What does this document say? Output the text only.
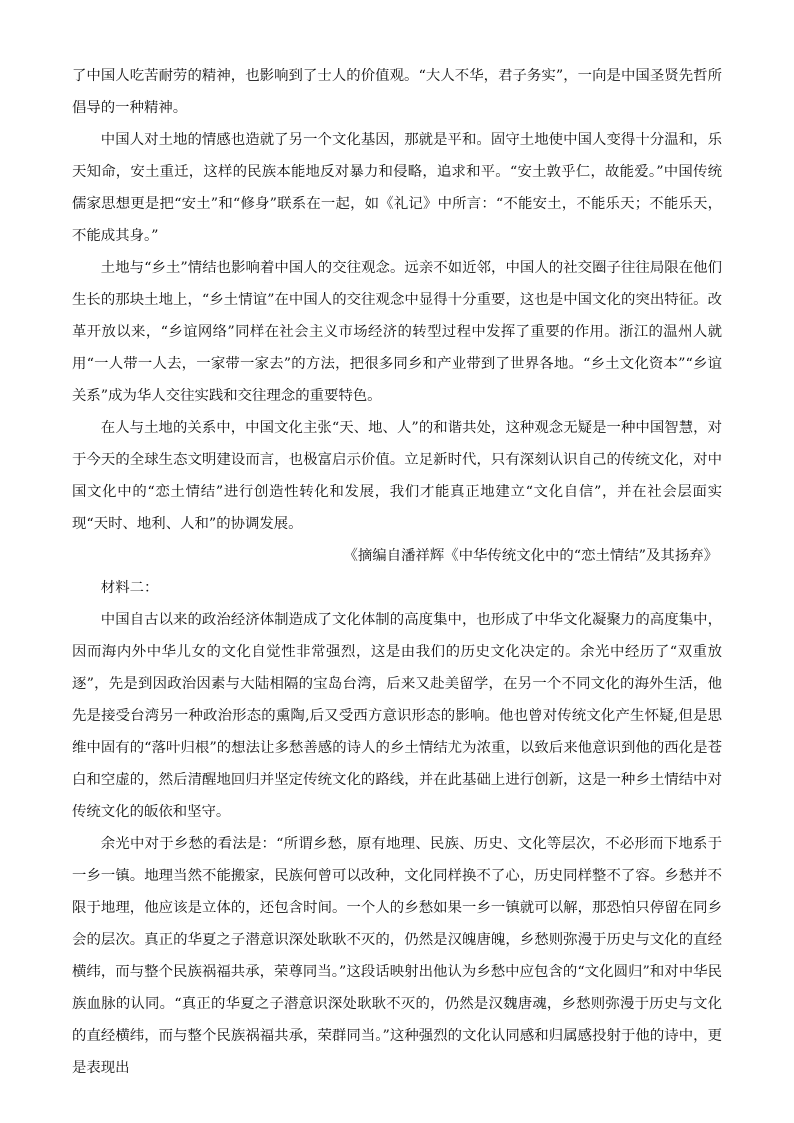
了中国人吃苦耐劳的精神，也影响到了士人的价值观。“大人不华，君子务实”，一向是中国圣贤先哲所倡导的一种精神。

中国人对土地的情感也造就了另一个文化基因，那就是平和。固守土地使中国人变得十分温和，乐天知命，安土重迁，这样的民族本能地反对暴力和侵略，追求和平。“安土敦乎仁，故能爱。”中国传统儒家思想更是把“安土”和“修身”联系在一起，如《礼记》中所言：“不能安土，不能乐天；不能乐天，不能成其身。”

土地与“乡土”情结也影响着中国人的交往观念。远亲不如近邻，中国人的社交圈子往往局限在他们生长的那块土地上，“乡土情谊”在中国人的交往观念中显得十分重要，这也是中国文化的突出特征。改革开放以来，“乡谊网络”同样在社会主义市场经济的转型过程中发挥了重要的作用。浙江的温州人就用“一人带一人去，一家带一家去”的方法，把很多同乡和产业带到了世界各地。“乡土文化资本”“乡谊关系”成为华人交往实践和交往理念的重要特色。

在人与土地的关系中，中国文化主张“天、地、人”的和谐共处，这种观念无疑是一种中国智慧，对于今天的全球生态文明建设而言，也极富启示价值。立足新时代，只有深刻认识自己的传统文化，对中国文化中的“恋土情结”进行创造性转化和发展，我们才能真正地建立“文化自信”，并在社会层面实现“天时、地利、人和”的协调发展。

《摘编自潘祥辉《中华传统文化中的“恋土情结”及其扬弃》

材料二：

中国自古以来的政治经济体制造成了文化体制的高度集中，也形成了中华文化凝聚力的高度集中，因而海内外中华儿女的文化自觉性非常强烈，这是由我们的历史文化决定的。余光中经历了“双重放逐”，先是到因政治因素与大陆相隔的宝岛台湾，后来又赴美留学，在另一个不同文化的海外生活，他先是接受台湾另一种政治形态的熏陶,后又受西方意识形态的影响。他也曾对传统文化产生怀疑,但是思维中固有的“落叶归根”的想法让多愁善感的诗人的乡土情结尤为浓重，以致后来他意识到他的西化是苍白和空虚的，然后清醒地回归并坚定传统文化的路线，并在此基础上进行创新，这是一种乡土情结中对传统文化的皈依和坚守。

余光中对于乡愁的看法是：“所谓乡愁，原有地理、民族、历史、文化等层次，不必形而下地系于一乡一镇。地理当然不能搬家，民族何曾可以改种，文化同样换不了心，历史同样整不了容。乡愁并不限于地理，他应该是立体的，还包含时间。一个人的乡愁如果一乡一镇就可以解，那恐怕只停留在同乡会的层次。真正的华夏之子潜意识深处耿耿不灭的，仍然是汉魄唐魄，乡愁则弥漫于历史与文化的直经横纬，而与整个民族祸福共承，荣尊同当。”这段话映射出他认为乡愁中应包含的“文化圆归”和对中华民族血脉的认同。“真正的华夏之子潜意识深处耿耿不灭的，仍然是汉魏唐魂，乡愁则弥漫于历史与文化的直经横纬，而与整个民族祸福共承，荣群同当。”这种强烈的文化认同感和归属感投射于他的诗中，更是表现出
